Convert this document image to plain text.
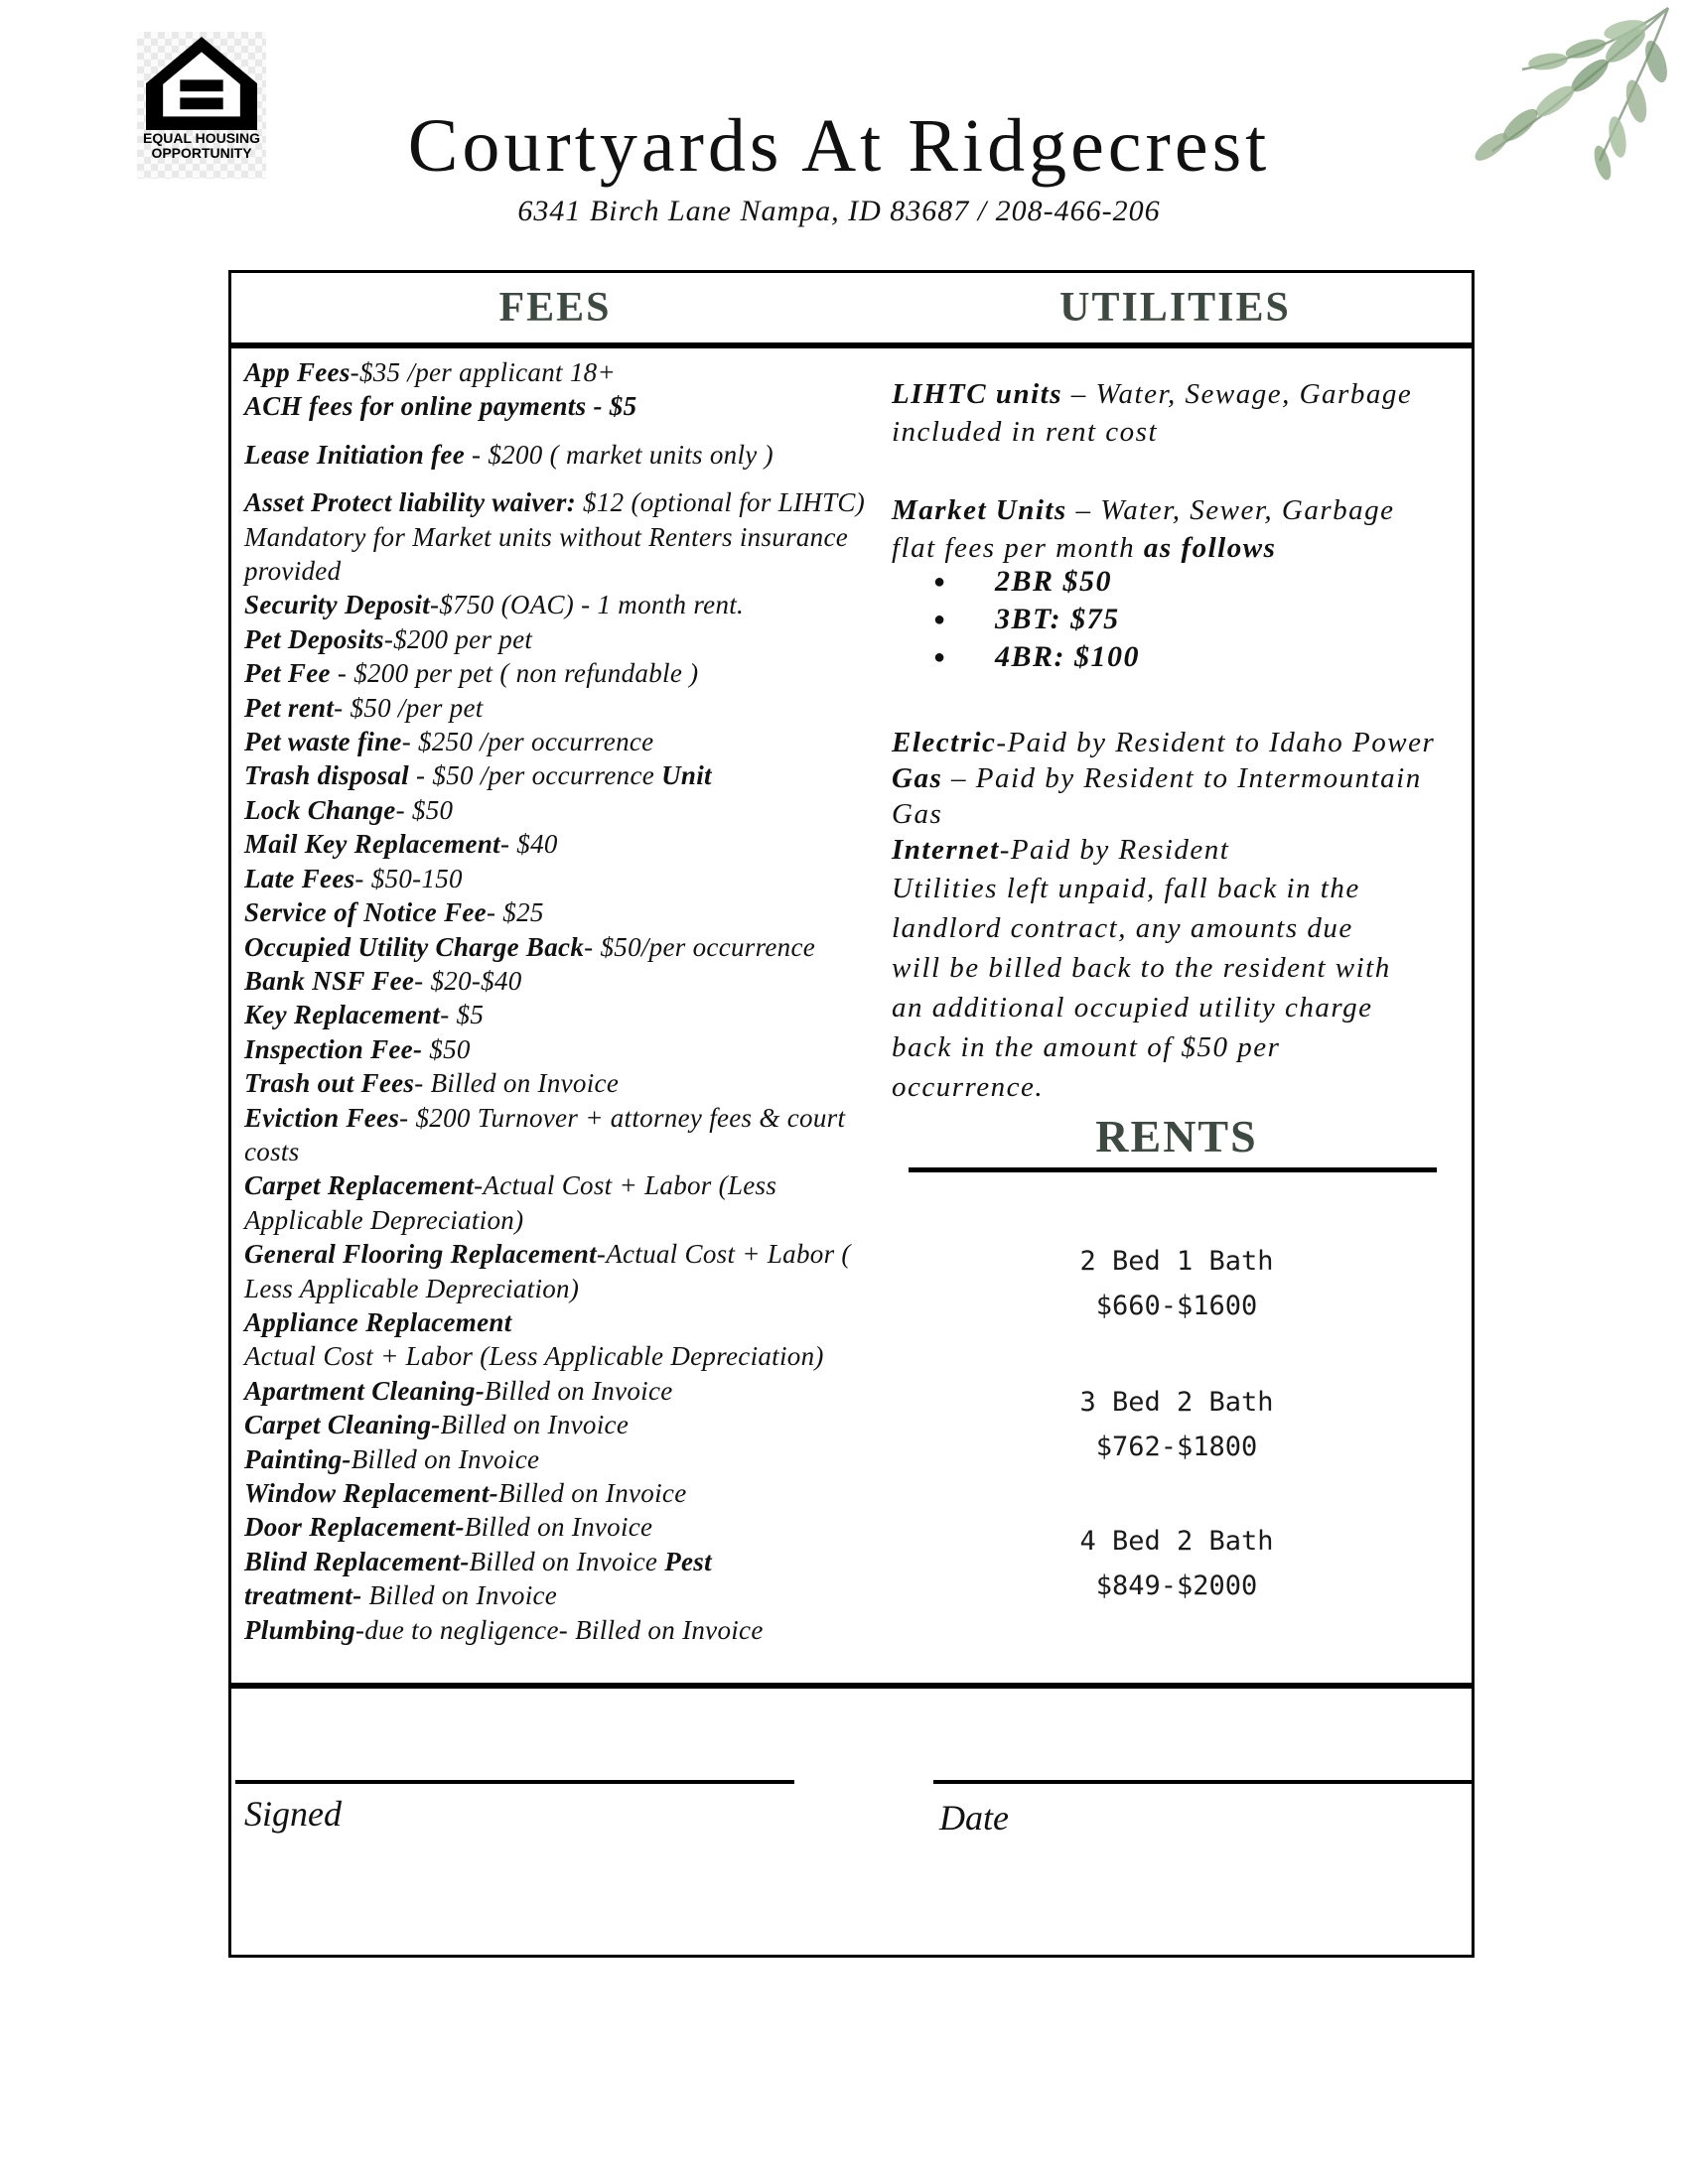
EQUAL HOUSING
OPPORTUNITY	Courtyards At Ridgecrest
6341 Birch Lane Nampa, ID 83687 / 208-466-206
FEES	UTILITIES
App Fees-$35 /per applicant 18+
ACH fees for online payments - $5
Lease Initiation fee - $200 ( market units only )
Asset Protect liability waiver: $12 (optional for LIHTC)
Mandatory for Market units without Renters insurance
provided
Security Deposit-$750 (OAC) - 1 month rent.
Pet Deposits-$200 per pet
Pet Fee - $200 per pet ( non refundable )
Pet rent- $50 /per pet
Pet waste fine- $250 /per occurrence
Trash disposal - $50 /per occurrence Unit
Lock Change- $50
Mail Key Replacement- $40
Late Fees- $50-150
Service of Notice Fee- $25
Occupied Utility Charge Back- $50/per occurrence
Bank NSF Fee- $20-$40
Key Replacement- $5
Inspection Fee- $50
Trash out Fees- Billed on Invoice
Eviction Fees- $200 Turnover + attorney fees & court
costs
Carpet Replacement-Actual Cost + Labor (Less
Applicable Depreciation)
General Flooring Replacement-Actual Cost + Labor (
Less Applicable Depreciation)
Appliance Replacement
Actual Cost + Labor (Less Applicable Depreciation)
Apartment Cleaning-Billed on Invoice
Carpet Cleaning-Billed on Invoice
Painting-Billed on Invoice
Window Replacement-Billed on Invoice
Door Replacement-Billed on Invoice
Blind Replacement-Billed on Invoice Pest
treatment- Billed on Invoice
Plumbing-due to negligence- Billed on Invoice
LIHTC units – Water, Sewage, Garbage
included in rent cost
Market Units – Water, Sewer, Garbage
flat fees per month as follows
● 2BR $50
● 3BT: $75
● 4BR: $100
Electric-Paid by Resident to Idaho Power
Gas – Paid by Resident to Intermountain Gas
Internet-Paid by Resident
Utilities left unpaid, fall back in the
landlord contract, any amounts due
will be billed back to the resident with
an additional occupied utility charge
back in the amount of $50 per
occurrence.
RENTS
2 Bed 1 Bath
$660-$1600
3 Bed 2 Bath
$762-$1800
4 Bed 2 Bath
$849-$2000
Signed	Date
